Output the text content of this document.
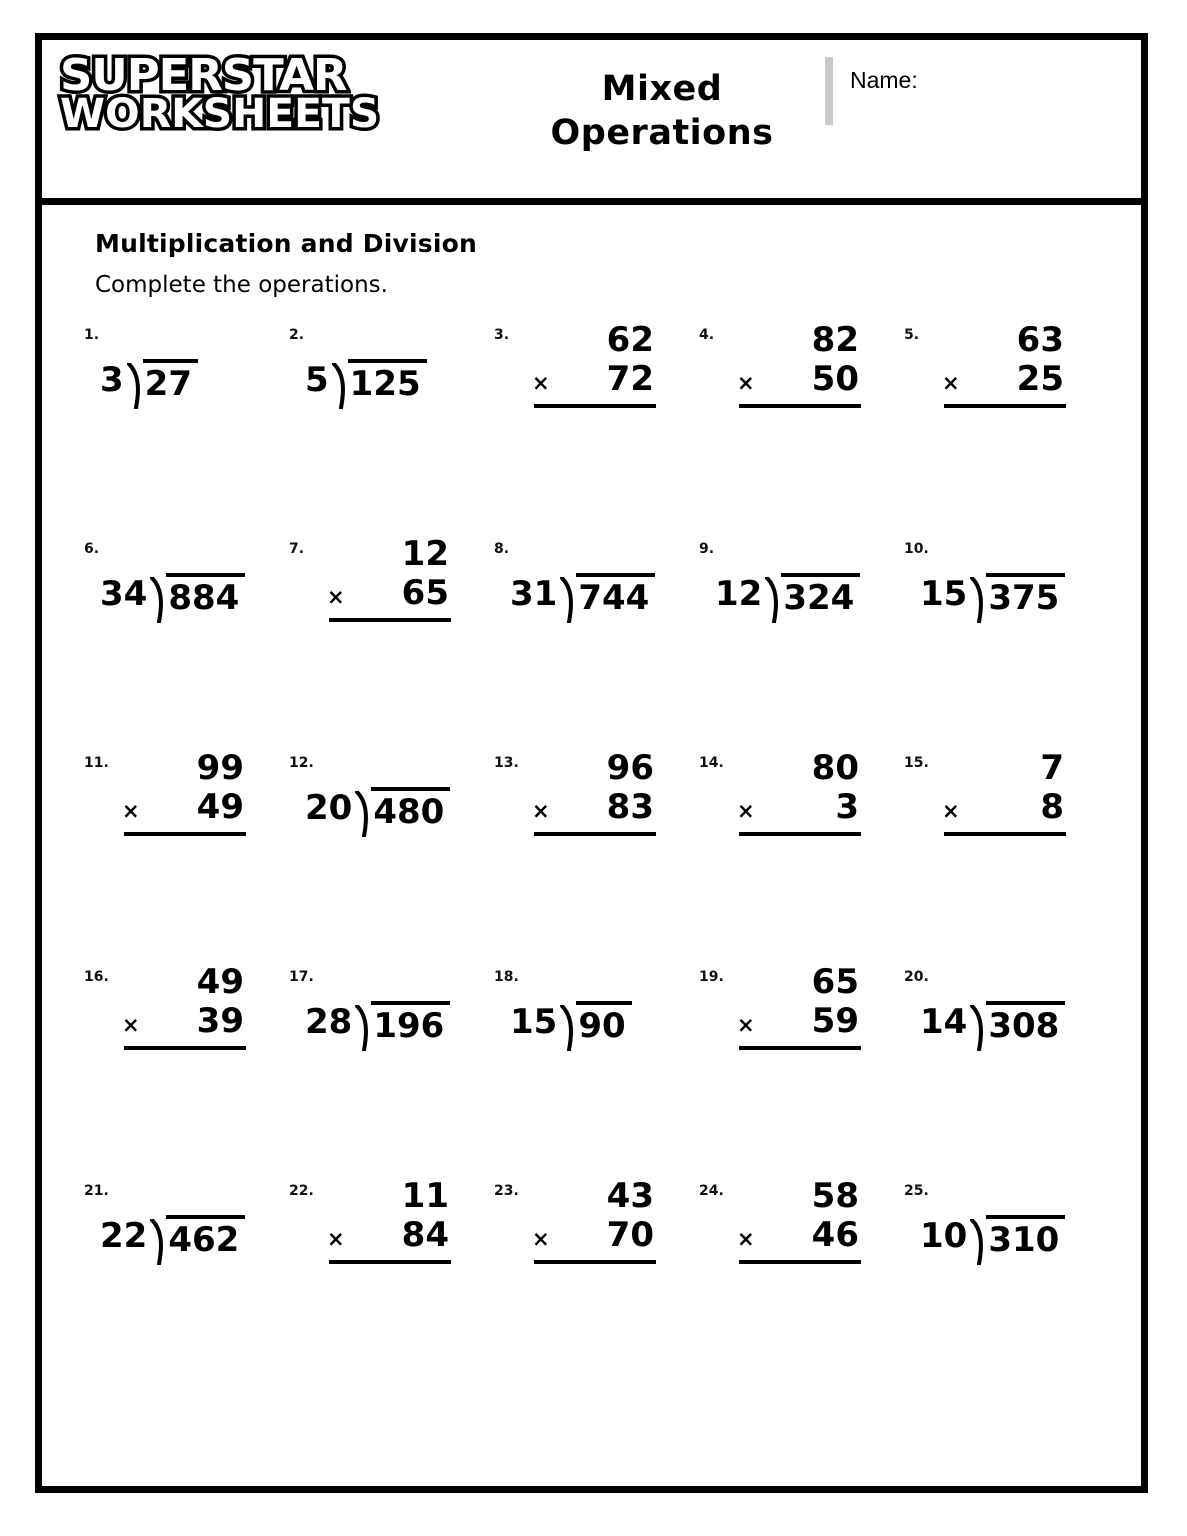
SUPERSTAR
WORKSHEETS
Mixed
Operations
Name:
Multiplication and Division
Complete the operations.
1.
3 27
2.
5 125
3.	62
× 72
4.	82
× 50
5.	63
× 25
6.
34 884
7.	12
× 65
8.
31 744
9.
12 324
10.
15 375
11.	99
× 49
12.
20 480
13.	96
× 83
14.	80
× 3
15.	7
× 8
16.	49
× 39
17.
28 196
18.
15 90
19.	65
× 59
20.
14 308
21.
22 462
22.	11
× 84
23.	43
× 70
24.	58
× 46
25.
10 310
